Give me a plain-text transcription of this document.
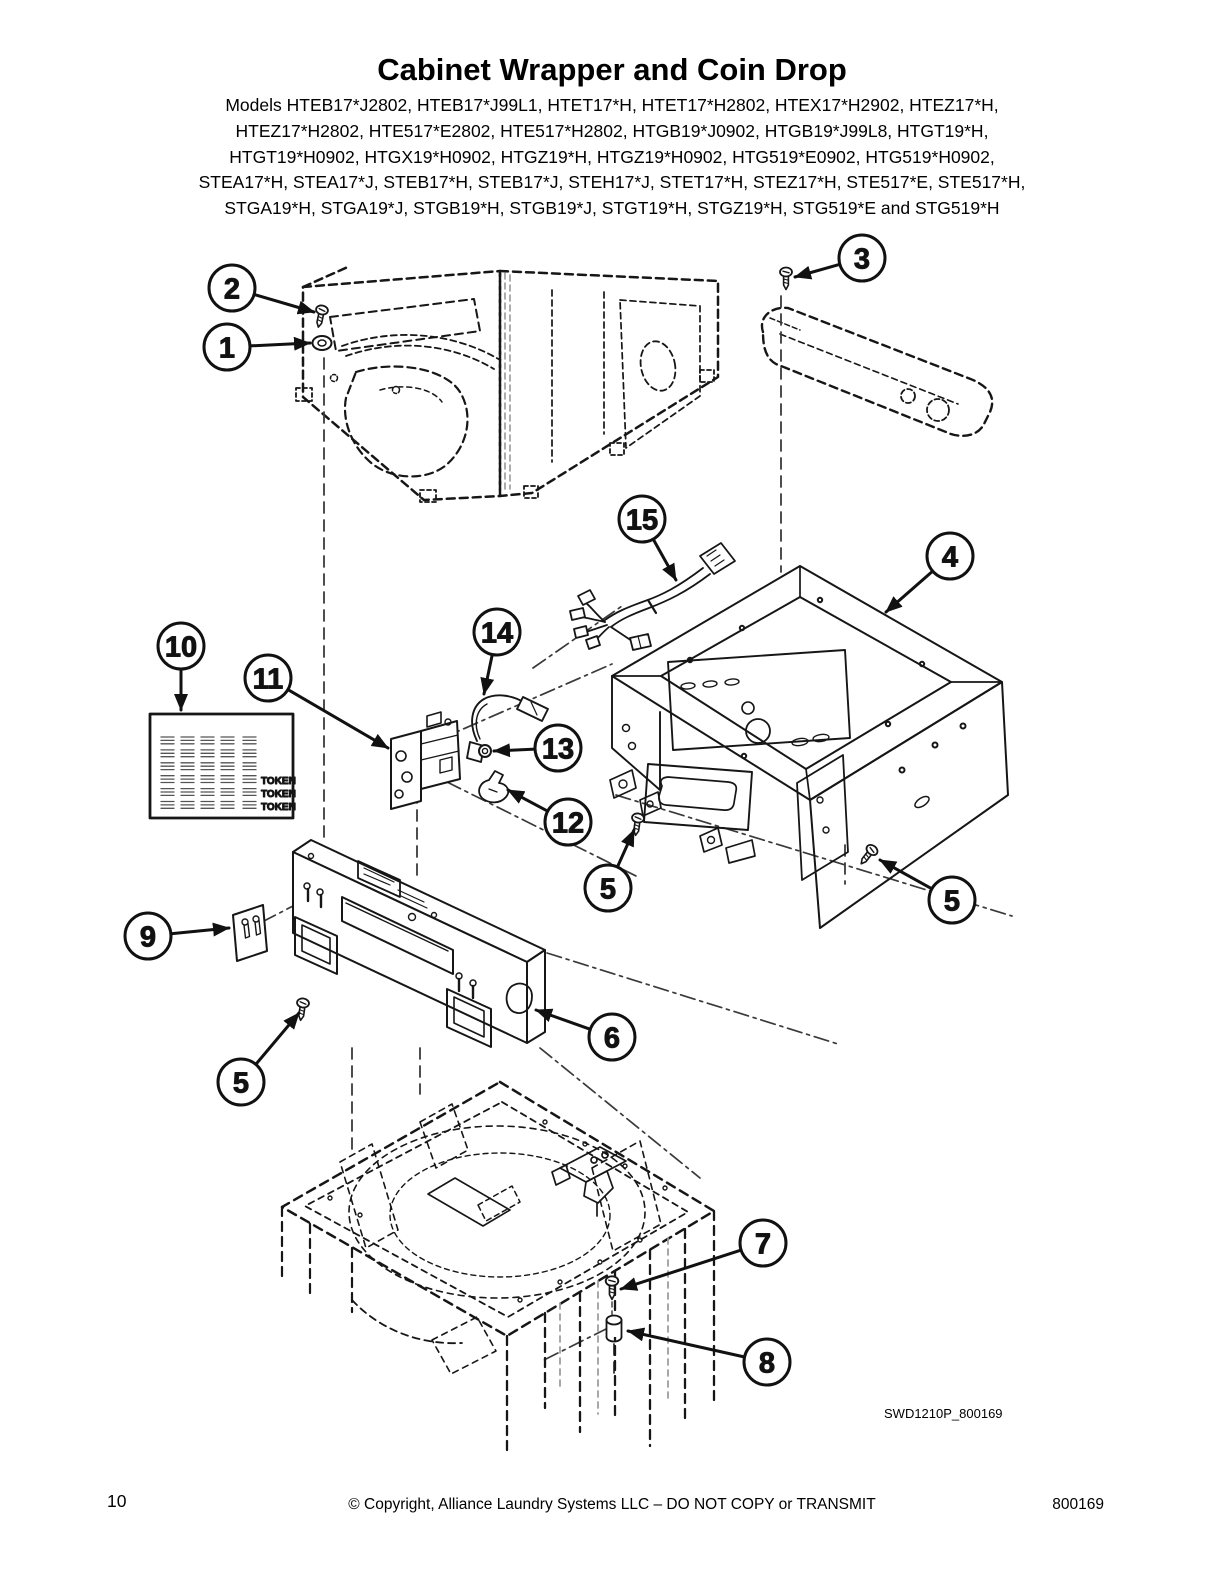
Cabinet Wrapper and Coin Drop
Models HTEB17*J2802, HTEB17*J99L1, HTET17*H, HTET17*H2802, HTEX17*H2902, HTEZ17*H,
HTEZ17*H2802, HTE517*E2802, HTE517*H2802, HTGB19*J0902, HTGB19*J99L8, HTGT19*H,
HTGT19*H0902, HTGX19*H0902, HTGZ19*H, HTGZ19*H0902, HTG519*E0902, HTG519*H0902,
STEA17*H, STEA17*J, STEB17*H, STEB17*J, STEH17*J, STET17*H, STEZ17*H, STE517*E, STE517*H,
STGA19*H, STGA19*J, STGB19*H, STGB19*J, STGT19*H, STGZ19*H, STG519*E and STG519*H
TOKEN
TOKEN
TOKEN
2
1
3
15
4
10
11
14
13
12
5	5
9
6
5
7
8
SWD1210P_800169
10	© Copyright, Alliance Laundry Systems LLC – DO NOT COPY or TRANSMIT	800169
